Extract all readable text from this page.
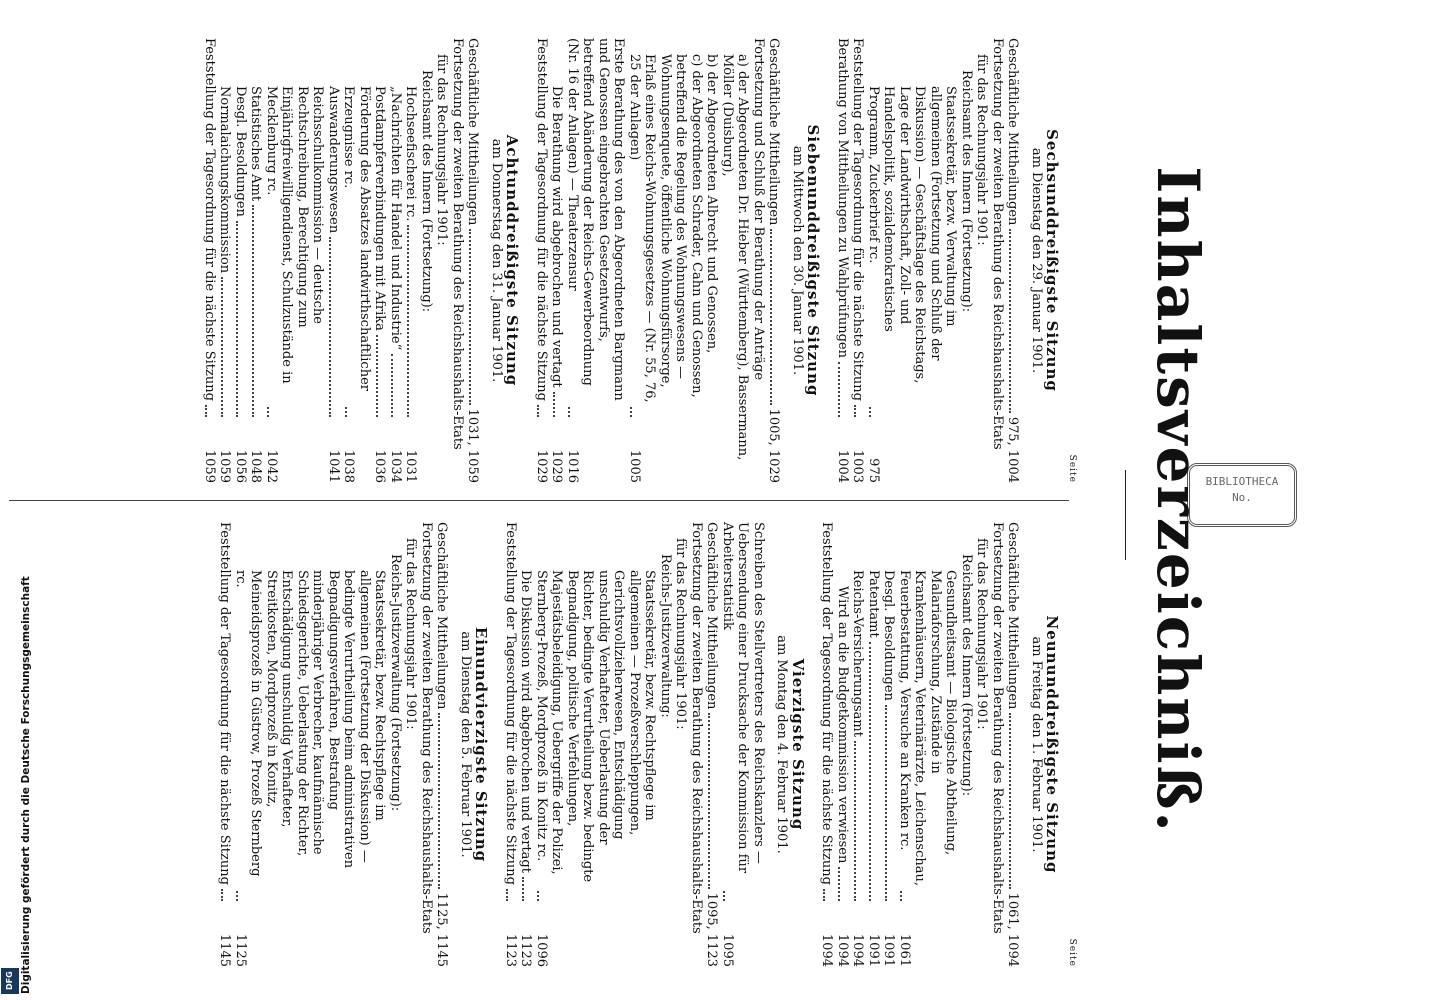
BIBLIOTHECA
No.
Inhaltsverzeichniß.
Seite
Sechsunddreißigste Sitzung
am Dienstag den 29. Januar 1901.
Geschäftliche Mittheilungen
975, 1004
Fortsetzung der zweiten Berathung des Reichshaushalts-Etats
für das Rechnungsjahr 1901:
Reichsamt des Innern (Fortsetzung):
Staatssekretär, bezw. Verwaltung im allgemeinen (Fortsetzung und Schluß der Diskussion) — Geschäftslage des Reichstags, Lage der Landwirthschaft, Zoll- und Handelspolitik, sozialdemokratisches Programm, Zuckerbrief rc.
975
Feststellung der Tagesordnung für die nächste Sitzung
1003
Berathung von Mittheilungen zu Wahlprüfungen
1004
Siebenunddreißigste Sitzung
am Mittwoch den 30. Januar 1901.
Geschäftliche Mittheilungen
1005, 1029
Fortsetzung und Schluß der Berathung der Anträge
a) der Abgeordneten Dr. Hieber (Württemberg), Bassermann, Möller (Duisburg),
b) der Abgeordneten Albrecht und Genossen,
c) der Abgeordneten Schrader, Cahn und Genossen, betreffend die Regelung des Wohnungswesens — Wohnungsenquete, öffentliche Wohnungsfürsorge, Erlaß eines Reichs-Wohnungsgesetzes — (Nr. 55, 76, 25 der Anlagen)
1005
Erste Berathung des von den Abgeordneten Bargmann und Genossen eingebrachten Gesetzentwurfs, betreffend Abänderung der Reichs-Gewerbeordnung (Nr. 16 der Anlagen) — Theaterzensur
1016
Die Berathung wird abgebrochen und vertagt
1029
Feststellung der Tagesordnung für die nächste Sitzung
1029
Achtunddreißigste Sitzung
am Donnerstag den 31. Januar 1901.
Geschäftliche Mittheilungen
1031, 1059
Fortsetzung der zweiten Berathung des Reichshaushalts-Etats
für das Rechnungsjahr 1901:
Reichsamt des Innern (Fortsetzung):
Hochseefischerei rc.
1031
„Nachrichten für Handel und Industrie“
1034
Postdampferverbindungen mit Afrika
1036
Förderung des Absatzes landwirthschaftlicher Erzeugnisse rc.
1038
Auswanderungswesen
1041
Reichsschulkommission — deutsche Rechtschreibung, Berechtigung zum Einjährigfreiwilligendienst, Schulzustände in Mecklenburg rc.
1042
Statistisches Amt
1048
Desgl. Besoldungen
1056
Normalaichungskommission
1059
Feststellung der Tagesordnung für die nächste Sitzung
1059
Seite
Neununddreißigste Sitzung
am Freitag den 1. Februar 1901.
Geschäftliche Mittheilungen
1061, 1094
Fortsetzung der zweiten Berathung des Reichshaushalts-Etats
für das Rechnungsjahr 1901:
Reichsamt des Innern (Fortsetzung):
Gesundheitsamt — Biologische Abtheilung, Malariaforschung, Zustände in Krankenhäusern, Veterinärärzte, Leichenschau, Feuerbestattung, Versuche an Kranken rc.
1061
Desgl. Besoldungen
1091
Patentamt
1091
Reichs-Versicherungsamt
1094
Wird an die Budgetkommission verwiesen
1094
Feststellung der Tagesordnung für die nächste Sitzung
1094
Vierzigste Sitzung
am Montag den 4. Februar 1901.
Schreiben des Stellvertreters des Reichskanzlers — Uebersendung einer Drucksache der Kommission für Arbeiterstatistik
1095
Geschäftliche Mittheilungen
1095, 1123
Fortsetzung der zweiten Berathung des Reichshaushalts-Etats
für das Rechnungsjahr 1901:
Reichs-Justizverwaltung:
Staatssekretär, bezw. Rechtspflege im allgemeinen — Prozeßverschleppungen, Gerichtsvollzieherwesen, Entschädigung unschuldig Verhafteter, Ueberlastung der Richter, bedingte Verurtheilung bezw. bedingte Begnadigung, politische Verfehlungen, Majestätsbeleidigung, Uebergriffe der Polizei, Sternberg-Prozeß, Mordprozeß in Konitz rc.
1096
Die Diskussion wird abgebrochen und vertagt
1123
Feststellung der Tagesordnung für die nächste Sitzung
1123
Einundvierzigste Sitzung
am Dienstag den 5. Februar 1901.
Geschäftliche Mittheilungen
1125, 1145
Fortsetzung der zweiten Berathung des Reichshaushalts-Etats
für das Rechnungsjahr 1901:
Reichs-Justizverwaltung (Fortsetzung):
Staatssekretär, bezw. Rechtspflege im allgemeinen (Fortsetzung der Diskussion) — bedingte Verurtheilung beim administrativen Begnadigungsverfahren, Bestrafung minderjähriger Verbrecher, kaufmännische Schiedsgerichte, Ueberlastung der Richter, Entschädigung unschuldig Verhafteter, Streitkosten, Mordprozeß in Konitz, Meineidsprozeß in Güstrow, Prozeß Sternberg rc.
1125
Feststellung der Tagesordnung für die nächste Sitzung
1145
Digitalisierung gefördert durch die Deutsche Forschungsgemeinschaft
DFG
